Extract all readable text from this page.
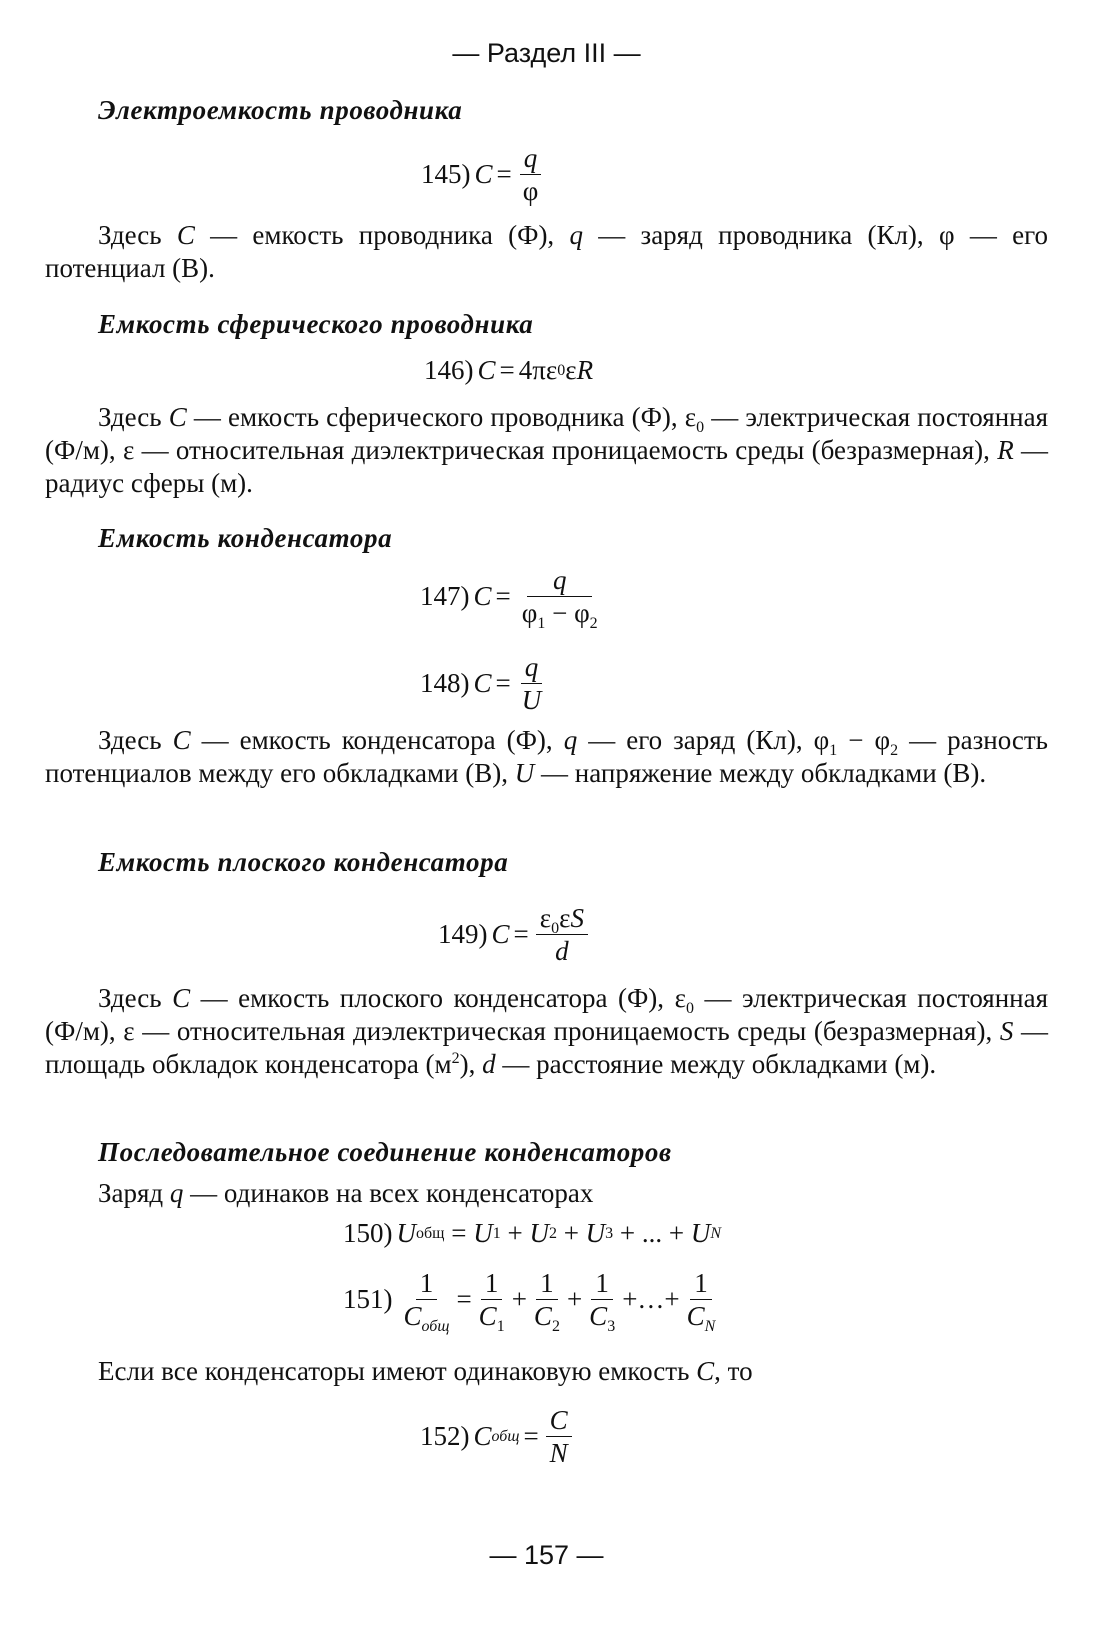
— Раздел III —
Электроемкость проводника
145) $C = \frac{q}{\varphi}$

Здесь C — емкость проводника (Ф), q — заряд проводника (Кл), φ — его потенциал (В).

Емкость сферического проводника
146) C = 4πε 0 ε R

Здесь C — емкость сферического проводника (Ф), $\varepsilon_0$ — электрическая постоянная (Ф/м), ε — относительная диэлектрическая проницаемость среды (безразмерная), R — радиус сферы (м).

Емкость конденсатора
147) $C = \frac{q}{\varphi_1 - \varphi_2}$
148) $C = \frac{q}{U}$

Здесь C — емкость конденсатора (Ф), q — его заряд (Кл), $\varphi_1 - \varphi_2$ — разность потенциалов между его обкладками (В), U — напряжение между обкладками (В).

Емкость плоского конденсатора
149) $C = \frac{\varepsilon_0\varepsilon S}{d}$

Здесь C — емкость плоского конденсатора (Ф), $\varepsilon_0$ — электрическая постоянная (Ф/м), ε — относительная диэлектрическая проницаемость среды (безразмерная), S — площадь обкладок конденсатора $(м^2)$, d — расстояние между обкладками (м).

Последовательное соединение конденсаторов
Заряд q — одинаков на всех конденсаторах
150) U общ = U 1 + U 2 + U 3 + ... + U N
$151) \frac{1}{C_{общ}} = \frac{1}{C_1} + \frac{1}{C_2} + \frac{1}{C_3}$ +…+ $\frac{1}{C_N}$
Если все конденсаторы имеют одинаковую емкость C, то
152) C общ = $\frac{C}{N}$
— 157 —
